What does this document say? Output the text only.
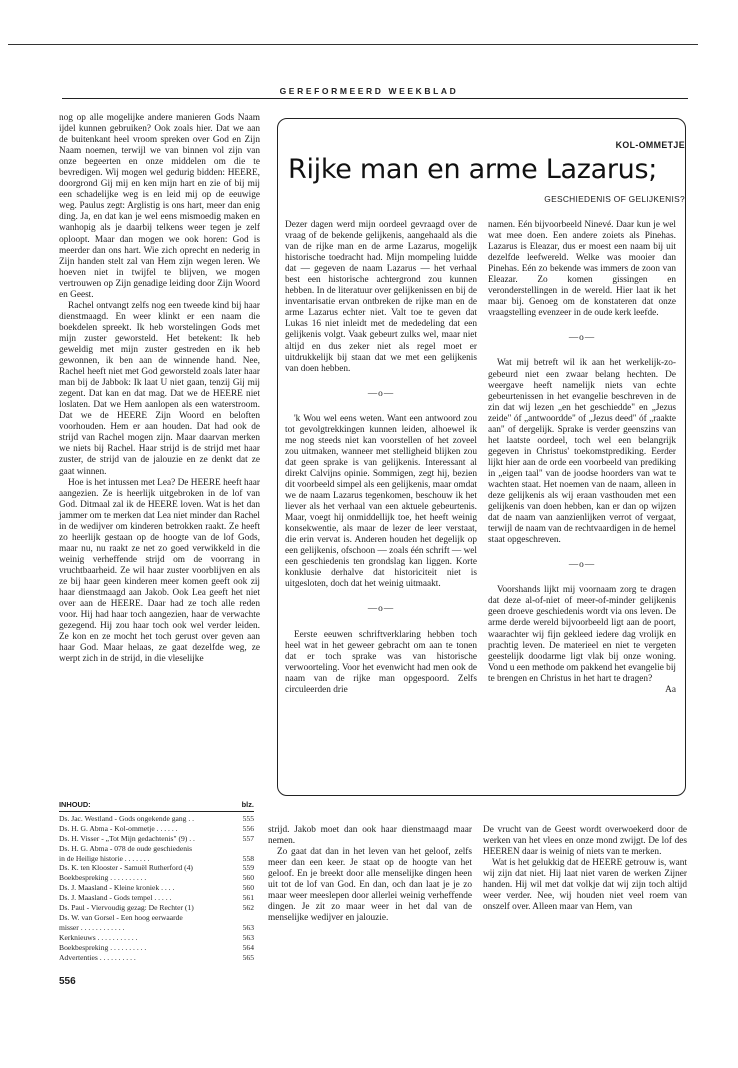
GEREFORMEERD WEEKBLAD

nog op alle mogelijke andere manieren Gods Naam ijdel kunnen gebruiken? Ook zoals hier. Dat we aan de buitenkant heel vroom spreken over God en Zijn Naam noemen, terwijl we van binnen vol zijn van onze begeerten en onze middelen om die te bevredigen. Wij mogen wel gedurig bidden: HEERE, doorgrond Gij mij en ken mijn hart en zie of bij mij een schadelijke weg is en leid mij op de eeuwige weg. Paulus zegt: Arglistig is ons hart, meer dan enig ding. Ja, en dat kan je wel eens mismoedig maken en wanhopig als je daarbij telkens weer tegen je zelf oploopt. Maar dan mogen we ook horen: God is meerder dan ons hart. Wie zich oprecht en nederig in Zijn handen stelt zal van Hem zijn wegen leren. We hoeven niet in twijfel te blijven, we mogen vertrouwen op Zijn genadige leiding door Zijn Woord en Geest.

Rachel ontvangt zelfs nog een tweede kind bij haar dienstmaagd. En weer klinkt er een naam die boekdelen spreekt. Ik heb worstelingen Gods met mijn zuster geworsteld. Het betekent: Ik heb geweldig met mijn zuster gestreden en ik heb gewonnen, ik ben aan de winnende hand. Nee, Rachel heeft niet met God geworsteld zoals later haar man bij de Jabbok: Ik laat U niet gaan, tenzij Gij mij zegent. Dat kan en dat mag. Dat we de HEERE niet loslaten. Dat we Hem aanlopen als een waterstroom. Dat we de HEERE Zijn Woord en beloften voorhouden. Hem er aan houden. Dat had ook de strijd van Rachel mogen zijn. Maar daarvan merken we niets bij Rachel. Haar strijd is de strijd met haar zuster, de strijd van de jalouzie en ze denkt dat ze gaat winnen.

Hoe is het intussen met Lea? De HEERE heeft haar aangezien. Ze is heerlijk uitgebroken in de lof van God. Ditmaal zal ik de HEERE loven. Wat is het dan jammer om te merken dat Lea niet minder dan Rachel in de wedijver om kinderen betrokken raakt. Ze heeft zo heerlijk gestaan op de hoogte van de lof Gods, maar nu, nu raakt ze net zo goed verwikkeld in die weinig verheffende strijd om de voorrang in vruchtbaarheid. Ze wil haar zuster voorblijven en als ze bij haar geen kinderen meer komen geeft ook zij haar dienstmaagd aan Jakob. Ook Lea geeft het niet over aan de HEERE. Daar had ze toch alle reden voor. Hij had haar toch aangezien, haar de verwachte gezegend. Hij zou haar toch ook wel verder leiden. Ze kon en ze mocht het toch gerust over geven aan haar God. Maar helaas, ze gaat dezelfde weg, ze werpt zich in de strijd, in die vleselijke

KOL-OMMETJE
Rijke man en arme Lazarus;
GESCHIEDENIS OF GELIJKENIS?

Dezer dagen werd mijn oordeel gevraagd over de vraag of de bekende gelijkenis, aangehaald als die van de rijke man en de arme Lazarus, mogelijk historische toedracht had. Mijn mompeling luidde dat — gegeven de naam Lazarus — het verhaal best een historische achtergrond zou kunnen hebben. In de literatuur over gelijkenissen en bij de inventarisatie ervan ontbreken de rijke man en de arme Lazarus echter niet. Valt toe te geven dat Lukas 16 niet inleidt met de mededeling dat een gelijkenis volgt. Vaak gebeurt zulks wel, maar niet altijd en dus zeker niet als regel moet er uitdrukkelijk bij staan dat we met een gelijkenis van doen hebben.

—o—

'k Wou wel eens weten. Want een antwoord zou tot gevolgtrekkingen kunnen leiden, alhoewel ik me nog steeds niet kan voorstellen of het zoveel zou uitmaken, wanneer met stelligheid blijken zou dat geen sprake is van gelijkenis. Interessant al direkt Calvijns opinie. Sommigen, zegt hij, bezien dit voorbeeld simpel als een gelijkenis, maar omdat we de naam Lazarus tegenkomen, beschouw ik het liever als het verhaal van een aktuele gebeurtenis. Maar, voegt hij onmiddellijk toe, het heeft weinig konsekwentie, als maar de lezer de leer verstaat, die erin vervat is. Anderen houden het degelijk op een gelijkenis, ofschoon — zoals één schrift — wel een geschiedenis ten grondslag kan liggen. Korte konklusie derhalve dat historiciteit niet is uitgesloten, doch dat het weinig uitmaakt.

—o—

Eerste eeuwen schriftverklaring hebben toch heel wat in het geweer gebracht om aan te tonen dat er toch sprake was van historische verwoorteling. Voor het evenwicht had men ook de naam van de rijke man opgespoord. Zelfs circuleerden drie

namen. Eén bijvoorbeeld Ninevé. Daar kun je wel wat mee doen. Een andere zoiets als Pinehas. Lazarus is Eleazar, dus er moest een naam bij uit dezelfde leefwereld. Welke was mooier dan Pinehas. Eén zo bekende was immers de zoon van Eleazar. Zo komen gissingen en veronderstellingen in de wereld. Hier laat ik het maar bij. Genoeg om de konstateren dat onze vraagstelling evenzeer in de oude kerk leefde.

—o—

Wat mij betreft wil ik aan het werkelijk-zo-gebeurd niet een zwaar belang hechten. De weergave heeft namelijk niets van echte gebeurtenissen in het evangelie beschreven in de zin dat wij lezen „en het geschiedde" en „Jezus zeide" óf „antwoordde" of „Jezus deed" óf „raakte aan" of dergelijk. Sprake is verder geenszins van het laatste oordeel, toch wel een belangrijk gegeven in Christus' toekomstprediking. Eerder lijkt hier aan de orde een voorbeeld van prediking in „eigen taal" van de joodse hoorders van wat te wachten staat. Het noemen van de naam, alleen in deze gelijkenis als wij eraan vasthouden met een gelijkenis van doen hebben, kan er dan op wijzen dat de naam van aanzienlijken verrot of vergaat, terwijl de naam van de rechtvaardigen in de hemel staat opgeschreven.

—o—

Voorshands lijkt mij voornaam zorg te dragen dat deze al-of-niet of meer-of-minder gelijkenis geen droeve geschiedenis wordt via ons leven. De arme derde wereld bijvoorbeeld ligt aan de poort, waarachter wij fijn gekleed iedere dag vrolijk en prachtig leven. De materieel en niet te vergeten geestelijk doodarme ligt vlak bij onze woning. Vond u een methode om pakkend het evangelie bij te brengen en Christus in het hart te dragen?

Aa
INHOUD:	blz.
Ds. Jac. Westland - Gods ongekende gang . .	555
Ds. H. G. Abma - Kol-ommetje . . . . . .	556
Ds. H. Visser - „Tot Mijn gedachtenis" (9) . .	557
Ds. H. G. Abma - 078 de oude geschiedenis
in de Heilige historie . . . . . . .	558
Ds. K. ten Klooster - Samuël Rutherford (4)	559
Boekbespreking . . . . . . . . . .	560
Ds. J. Maasland - Kleine kroniek . . . .	560
Ds. J. Maasland - Gods tempel . . . . .	561
Ds. Paul - Viervoudig gezag: De Rechter (1)	562
Ds. W. van Gorsel - Een hoog eerwaarde
misser . . . . . . . . . . . .	563
Kerknieuws . . . . . . . . . . .	563
Boekbespreking . . . . . . . . . .	564
Advertenties . . . . . . . . . .	565

strijd. Jakob moet dan ook haar dienstmaagd maar nemen.

Zo gaat dat dan in het leven van het geloof, zelfs meer dan een keer. Je staat op de hoogte van het geloof. En je breekt door alle menselijke dingen heen uit tot de lof van God. En dan, och dan laat je je zo maar weer meeslepen door allerlei weinig verheffende dingen. Je zit zo maar weer in het dal van de menselijke wedijver en jalouzie.

De vrucht van de Geest wordt overwoekerd door de werken van het vlees en onze mond zwijgt. De lof des HEEREN daar is weinig of niets van te merken.

Wat is het gelukkig dat de HEERE getrouw is, want wij zijn dat niet. Hij laat niet varen de werken Zijner handen. Hij wil met dat volkje dat wij zijn toch altijd weer verder. Nee, wij houden niet veel roem van onszelf over. Alleen maar van Hem, van

556
